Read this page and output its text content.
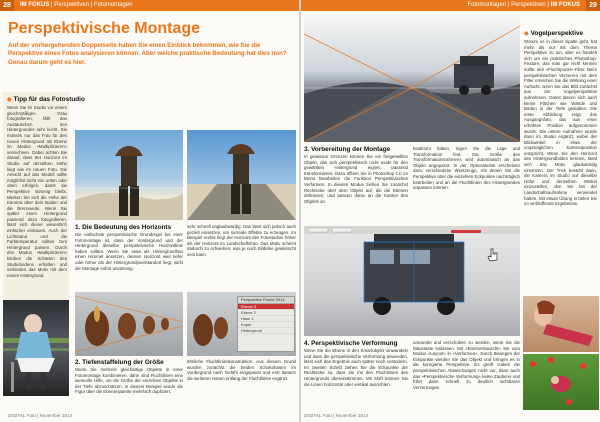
28	IM FOKUS | Perspektiven | Fotomontagen
Perspektivische Montage
Auf der vorhergehenden Doppelseite haben Sie einen Einblick bekommen, wie Sie die Perspektive eines Fotos analysieren können. Aber welche praktische Bedeutung hat dies nun? Genau darum geht es hier.
◆ Tipp für das Fotostudio
Wenn Sie im Studio vor einem gleichmäßigen Grau fotografieren, fällt das Austauschen des Hintergrundes sehr leicht. Sie müssen nur das Foto für den neuen Hintergrund als Ebene im Modus »Multiplizieren« verrechnen. Dabei achten Sie darauf, dass der Horizont im Studio auf derselben Höhe liegt wie im neuen Foto. Die Ansicht auf das Modell sollte möglichst nicht von unten oder oben erfolgen, damit die Perspektive stimmig bleibt. Merken Sie sich die Höhe der Kamera über dem Boden und die Brennweite. Wenn Sie später einen Hintergrund passend dazu fotografieren, lässt sich dieser wesentlich einfacher einbauen. Auch der Lichtstand und die Farbtemperatur sollten zum Hintergrund passen. Durch den Modus »Multiplizieren« bleiben die Schatten des Studiobodens erhalten und verbinden das Motiv mit dem neuen Hintergrund.
1. Die Bedeutung des Horizonts
Die einfachste perspektivische Grundregel bei einer Fotomontage ist, dass der Vordergrund und der Hintergrund dieselbe perspektivische Horizontlinie haben sollten. Wenn Sie etwa als Hintergrundfoto einen Himmel ansetzen, dessen Horizont weit tiefer oder höher als der Hintergrundpixelstandort liegt, wirkt die Montage sofort unstimmig.
sehr schnell unglaubwürdig. Das lässt sich jedoch auch gezielt einsetzen, um surreale Effekte zu erzeugen. Im Beispiel rechts liegt der Horizont des Fotostudios höher als der Horizont im Landschaftsfoto. Das Motiv scheint dadurch zu schweben, was je nach Bildidee gewünscht sein kann.
Perspective Frame 2014
Ebene 3
Ebene 2
Hase 1
Kopie
Hintergrund
2. Tiefenstaffelung der Größe
Wenn Sie mehrere gleichartige Objekte in einer Fotomontage kombinieren, dann sind Fluchtlinien eine wertvolle Hilfe, um die Größe der einzelnen Objekte in der Tiefe abzuschätzen. In diesem Beispiel wurde die Figur über die Ebenenpalette mehrfach dupliziert.
ähnliche Fluchtlinienkonstruktion. Aus diesem Grund wurden zunächst die beiden Schokohasen im Vordergrund nach Gefühl eingepasst und erst danach die weiteren Hasen entlang der Fluchtlinien ergänzt.
DIGITAL Foto | November 2014
Fotomontagen | Perspektiven | IM FOKUS	29
3. Vorbereitung der Montage
In gewissen Grenzen können Sie ein freigestelltes Objekt, das sich perspektivisch nicht exakt für den gewählten Hintergrund eignet, passend transformieren. Dazu öffnen Sie in Photoshop CC im Menü Bearbeiten die Funktion Perspektivisches Verformen. In diesem Modus ziehen Sie zunächst Rechtecke über dem Objekt auf, die die Ebenen definieren, und passen diese an die Kanten des Objekts an.
bestimmt haben, legen Sie die Lage und Transformation fest. Die Größe des Transformationsrahmens wird automatisch an das Objekt angepasst. In der Optionsleiste erscheinen dazu verschiedene Werkzeuge, mit denen Sie die Perspektive über die einzelnen Eckpunkte nachträglich bearbeiten und an die Fluchtlinien des Hintergrundes anpassen können.
4. Perspektivische Verformung
Wenn Sie die Ebene in den Smartobjekt umwandeln und dann die perspektivische Verformung anwenden, lässt sich das Ergebnis auch später noch verändern. Im zweiten Schritt ziehen Sie die Eckpunkte der Rechtecke so, dass sie mit den Fluchtlinien des Hintergrunds übereinstimmen. Mit Shift können Sie die Linien horizontal oder vertikal ausrichten.
umrandet und verschoben zu werden, wenn Sie die Maustaste loslassen. Mit »Entervertauscht« Sie vom Modus »Layout« in »Verformen«. Durch Bewegen der Eckpunkte werden Sie das Objekt und bringen es in die korrigierte Perspektive. Es greift zudem die perspektivischen Abweichungen nicht vor, dann auch das »Perspektivische Verformung« keine Zauberei und führt dann schnell zu deutlich sichtbaren Verzerrungen.
◆ Vogelperspektive
Worum es in dieser Spalte geht, hat mehr als nur mit dem Thema Perspektive zu tun, aber es handelt sich um ein praktisches Photoshop-Feature, das man gar nicht kennen sollte: den »Fluchtpunkt«-Filter. Beim perspektivischen Verzerren mit dem Filter erreichen Sie die Wirkung einer Aufsicht, wenn Sie das Bild zunächst aus der Vogelperspektive aufnehmen. Damit lassen sich auch kleine Flächen wie Wände und Böden in der Tiefe gestalten. Die erste Abbildung zeigt das Ausgangsfoto, das aus einer erhöhten Position aufgenommen wurde. Die untere Aufnahme wurde dann im Studio ergänzt, wobei der Blickwinkel in etwa der ursprünglichen Kameraposition entspricht. Wenn Sie den Horizont des Hintergrundbildes kennen, lässt sich das Motiv glaubwürdig einsetzen. Der Trick besteht darin, die Kamera im Studio auf dieselbe Höhe und denselben Winkel einzustellen, den Sie bei der Landschaftsaufnahme verwendet haben. Mit etwas Übung erzielen Sie so verblüffende Ergebnisse.
DIGITAL Foto | November 2014
